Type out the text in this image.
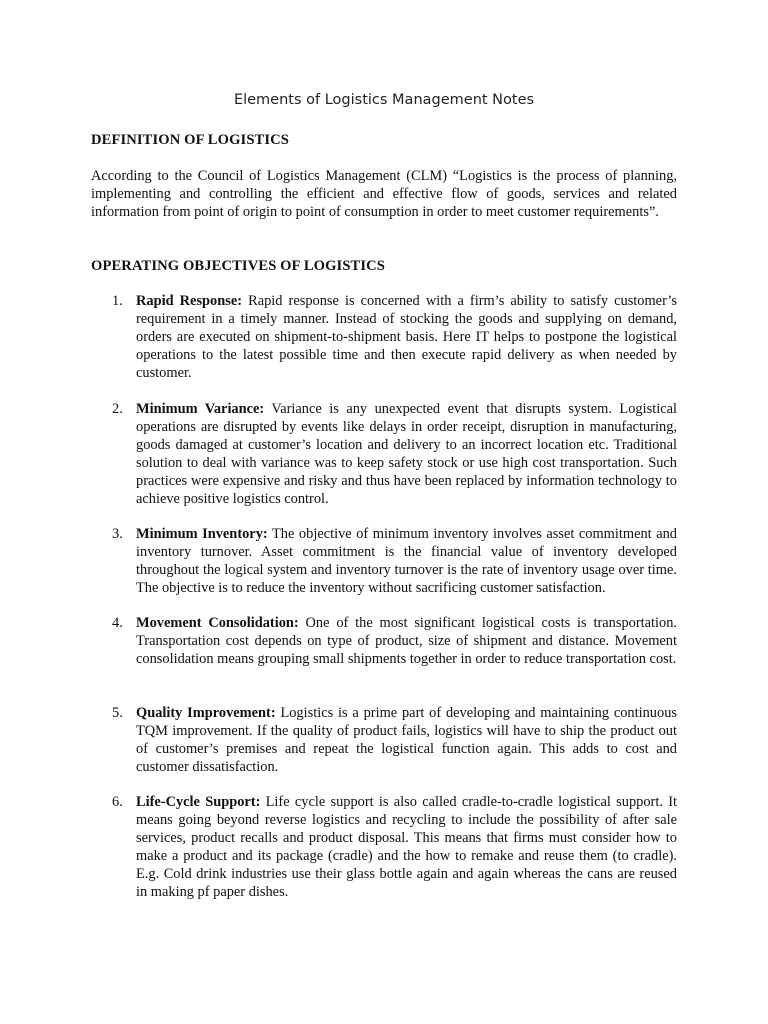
Elements of Logistics Management Notes
DEFINITION OF LOGISTICS

According to the Council of Logistics Management (CLM) “Logistics is the process of planning, implementing and controlling the efficient and effective flow of goods, services and related information from point of origin to point of consumption in order to meet customer requirements”.

OPERATING OBJECTIVES OF LOGISTICS
1. Rapid Response: Rapid response is concerned with a firm’s ability to satisfy customer’s requirement in a timely manner. Instead of stocking the goods and supplying on demand, orders are executed on shipment-to-shipment basis. Here IT helps to postpone the logistical operations to the latest possible time and then execute rapid delivery as when needed by customer.
2. Minimum Variance: Variance is any unexpected event that disrupts system. Logistical operations are disrupted by events like delays in order receipt, disruption in manufacturing, goods damaged at customer’s location and delivery to an incorrect location etc. Traditional solution to deal with variance was to keep safety stock or use high cost transportation. Such practices were expensive and risky and thus have been replaced by information technology to achieve positive logistics control.
3. Minimum Inventory: The objective of minimum inventory involves asset commitment and inventory turnover. Asset commitment is the financial value of inventory developed throughout the logical system and inventory turnover is the rate of inventory usage over time. The objective is to reduce the inventory without sacrificing customer satisfaction.
4. Movement Consolidation: One of the most significant logistical costs is transportation. Transportation cost depends on type of product, size of shipment and distance. Movement consolidation means grouping small shipments together in order to reduce transportation cost.
5. Quality Improvement: Logistics is a prime part of developing and maintaining continuous TQM improvement. If the quality of product fails, logistics will have to ship the product out of customer’s premises and repeat the logistical function again. This adds to cost and customer dissatisfaction.
6. Life-Cycle Support: Life cycle support is also called cradle-to-cradle logistical support. It means going beyond reverse logistics and recycling to include the possibility of after sale services, product recalls and product disposal. This means that firms must consider how to make a product and its package (cradle) and the how to remake and reuse them (to cradle). E.g. Cold drink industries use their glass bottle again and again whereas the cans are reused in making pf paper dishes.
